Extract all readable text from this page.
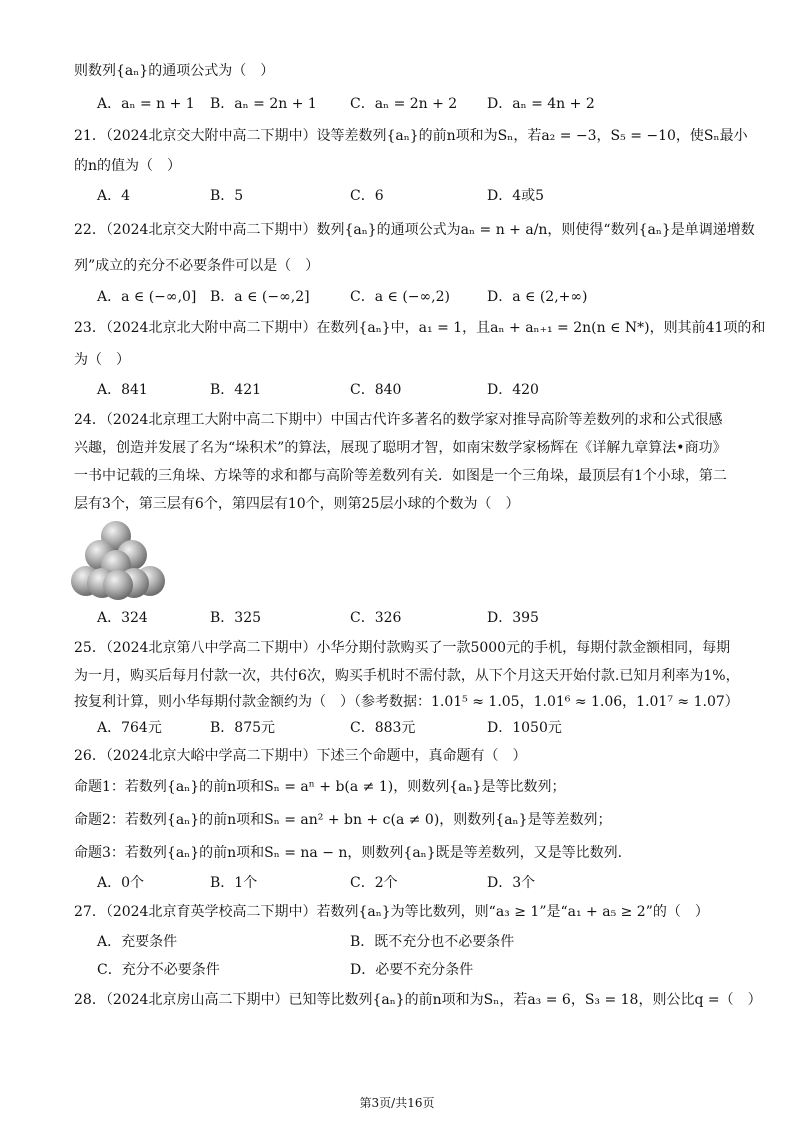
则数列{aₙ}的通项公式为（　）
A．aₙ = n + 1 B．aₙ = 2n + 1 C．aₙ = 2n + 2 D．aₙ = 4n + 2
21．（2024北京交大附中高二下期中）设等差数列{aₙ}的前n项和为Sₙ，若a₂ = −3，S₅ = −10，使Sₙ最小
的n的值为（　）
A．4	B．5	C．6	D．4或5
22．（2024北京交大附中高二下期中）数列{aₙ}的通项公式为aₙ = n + a/n，则使得“数列{aₙ}是单调递增数
列”成立的充分不必要条件可以是（　）
A．a ∈ (−∞,0] B．a ∈ (−∞,2]	C．a ∈ (−∞,2)	D．a ∈ (2,+∞)
23．（2024北京北大附中高二下期中）在数列{aₙ}中，a₁ = 1，且aₙ + aₙ₊₁ = 2n(n ∈ N*)，则其前41项的和
为（　）
A．841	B．421	C．840	D．420
24．（2024北京理工大附中高二下期中）中国古代许多著名的数学家对推导高阶等差数列的求和公式很感
兴趣，创造并发展了名为“垛积术”的算法，展现了聪明才智，如南宋数学家杨辉在《详解九章算法•商功》
一书中记载的三角垛、方垛等的求和都与高阶等差数列有关．如图是一个三角垛，最顶层有1个小球，第二
层有3个，第三层有6个，第四层有10个，则第25层小球的个数为（　）
A．324	B．325	C．326	D．395
25．（2024北京第八中学高二下期中）小华分期付款购买了一款5000元的手机，每期付款金额相同，每期
为一月，购买后每月付款一次，共付6次，购买手机时不需付款，从下个月这天开始付款.已知月利率为1%，
按复利计算，则小华每期付款金额约为（　）（参考数据：1.01⁵ ≈ 1.05，1.01⁶ ≈ 1.06，1.01⁷ ≈ 1.07）
A．764元	B．875元	C．883元	D．1050元
26．（2024北京大峪中学高二下期中）下述三个命题中，真命题有（　）
命题1：若数列{aₙ}的前n项和Sₙ = aⁿ + b(a ≠ 1)，则数列{aₙ}是等比数列；
命题2：若数列{aₙ}的前n项和Sₙ = an² + bn + c(a ≠ 0)，则数列{aₙ}是等差数列；
命题3：若数列{aₙ}的前n项和Sₙ = na − n，则数列{aₙ}既是等差数列，又是等比数列.
A．0个	B．1个	C．2个	D．3个
27．（2024北京育英学校高二下期中）若数列{aₙ}为等比数列，则“a₃ ≥ 1”是“a₁ + a₅ ≥ 2”的（　）
A．充要条件	B．既不充分也不必要条件
C．充分不必要条件	D．必要不充分条件
28．（2024北京房山高二下期中）已知等比数列{aₙ}的前n项和为Sₙ，若a₃ = 6，S₃ = 18，则公比q =（　）
第3页/共16页
